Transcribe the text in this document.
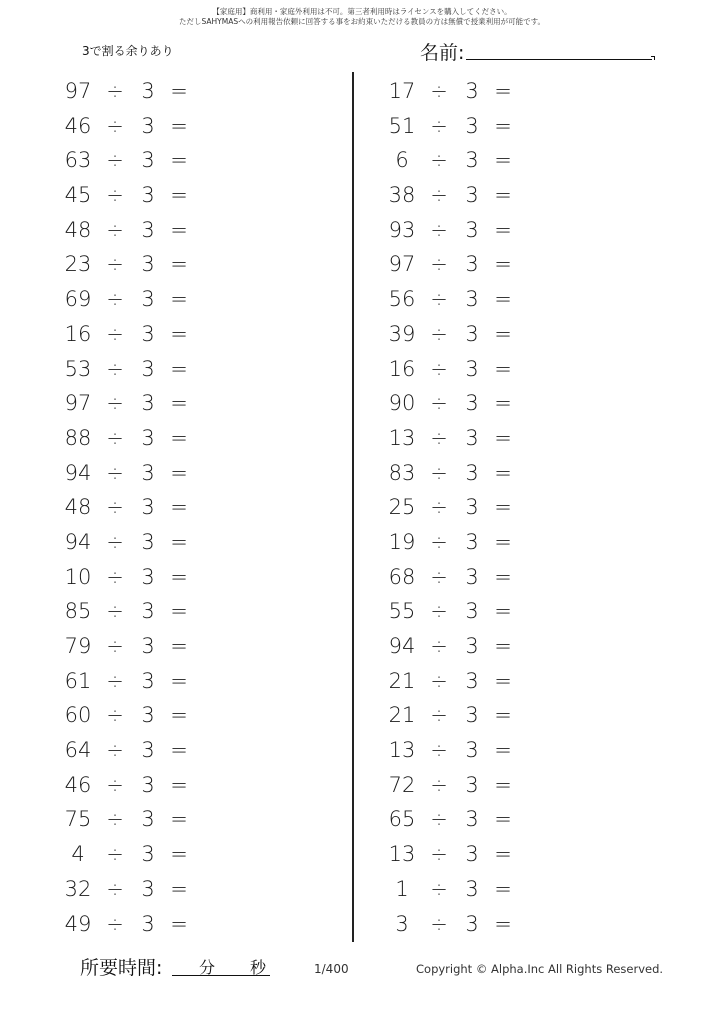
【家庭用】商利用・家庭外利用は不可。第三者利用時はライセンスを購入してください。
ただしSAHYMASへの利用報告依頼に回答する事をお約束いただける教員の方は無償で授業利用が可能です。
3で割る余りあり	名前:
97 ÷ 3 =
46 ÷ 3 =
63 ÷ 3 =
45 ÷ 3 =
48 ÷ 3 =
23 ÷ 3 =
69 ÷ 3 =
16 ÷ 3 =
53 ÷ 3 =
97 ÷ 3 =
88 ÷ 3 =
94 ÷ 3 =
48 ÷ 3 =
94 ÷ 3 =
10 ÷ 3 =
85 ÷ 3 =
79 ÷ 3 =
61 ÷ 3 =
60 ÷ 3 =
64 ÷ 3 =
46 ÷ 3 =
75 ÷ 3 =
4	÷ 3 =
32 ÷ 3 =
49 ÷ 3 =
17 ÷ 3 =
51 ÷ 3 =
6	÷ 3 =
38 ÷ 3 =
93 ÷ 3 =
97 ÷ 3 =
56 ÷ 3 =
39 ÷ 3 =
16 ÷ 3 =
90 ÷ 3 =
13 ÷ 3 =
83 ÷ 3 =
25 ÷ 3 =
19 ÷ 3 =
68 ÷ 3 =
55 ÷ 3 =
94 ÷ 3 =
21 ÷ 3 =
21 ÷ 3 =
13 ÷ 3 =
72 ÷ 3 =
65 ÷ 3 =
13 ÷ 3 =
1	÷ 3 =
3	÷ 3 =
所要時間: 分 秒	1/400	Copyright © Alpha.Inc All Rights Reserved.
